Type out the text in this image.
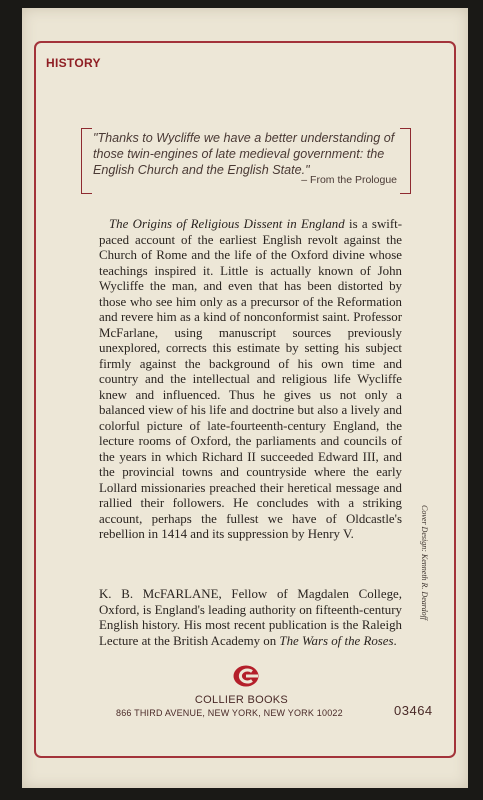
HISTORY
"Thanks to Wycliffe we have a better understanding of those twin-engines of late medieval government: the English Church and the English State."
– From the Prologue
The Origins of Religious Dissent in England is a swift-paced account of the earliest English revolt against the Church of Rome and the life of the Oxford divine whose teachings inspired it. Little is actually known of John Wycliffe the man, and even that has been distorted by those who see him only as a precursor of the Reformation and revere him as a kind of nonconformist saint. Professor McFarlane, using manuscript sources previously unexplored, corrects this estimate by setting his subject firmly against the background of his own time and country and the intellectual and religious life Wycliffe knew and influenced. Thus he gives us not only a balanced view of his life and doctrine but also a lively and colorful picture of late-fourteenth-century England, the lecture rooms of Oxford, the parliaments and councils of the years in which Richard II succeeded Edward III, and the provincial towns and countryside where the early Lollard missionaries preached their heretical message and rallied their followers. He concludes with a striking account, perhaps the fullest we have of Oldcastle's rebellion in 1414 and its suppression by Henry V.
K. B. McFARLANE, Fellow of Magdalen College, Oxford, is England's leading authority on fifteenth-century English history. His most recent publication is the Raleigh Lecture at the British Academy on The Wars of the Roses.
Cover Design: Kenneth R. Deardoff
COLLIER BOOKS
866 THIRD AVENUE, NEW YORK, NEW YORK 10022	03464
